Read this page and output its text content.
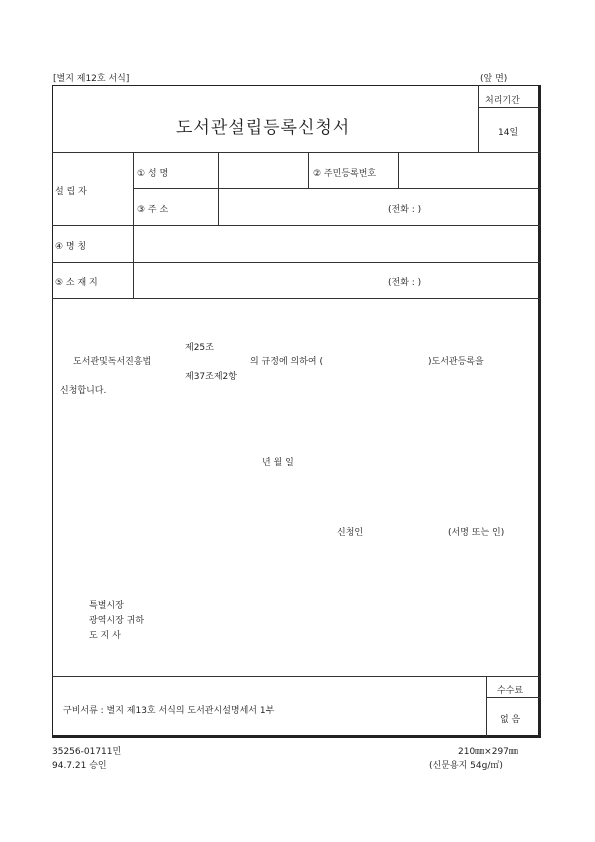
[별지 제12호 서식]	(앞 면)
도서관설립등록신청서
처리기간
14일
설 립 자
① 성 명	② 주민등록번호
③ 주 소	(전화 : )
④ 명 칭
⑤ 소 재 지	(전화 : )
제25조
도서관및독서진흥법	의 규정에 의하여 (	)도서관등록을
제37조제2항
신청합니다.
년 월 일
신청인	(서명 또는 인)
특별시장
광역시장 귀하
도 지 사
구비서류 : 별지 제13호 서식의 도서관시설명세서 1부
수수료
없 음
35256-01711민
94.7.21 승인
210㎜×297㎜
(신문용지 54g/㎡)
